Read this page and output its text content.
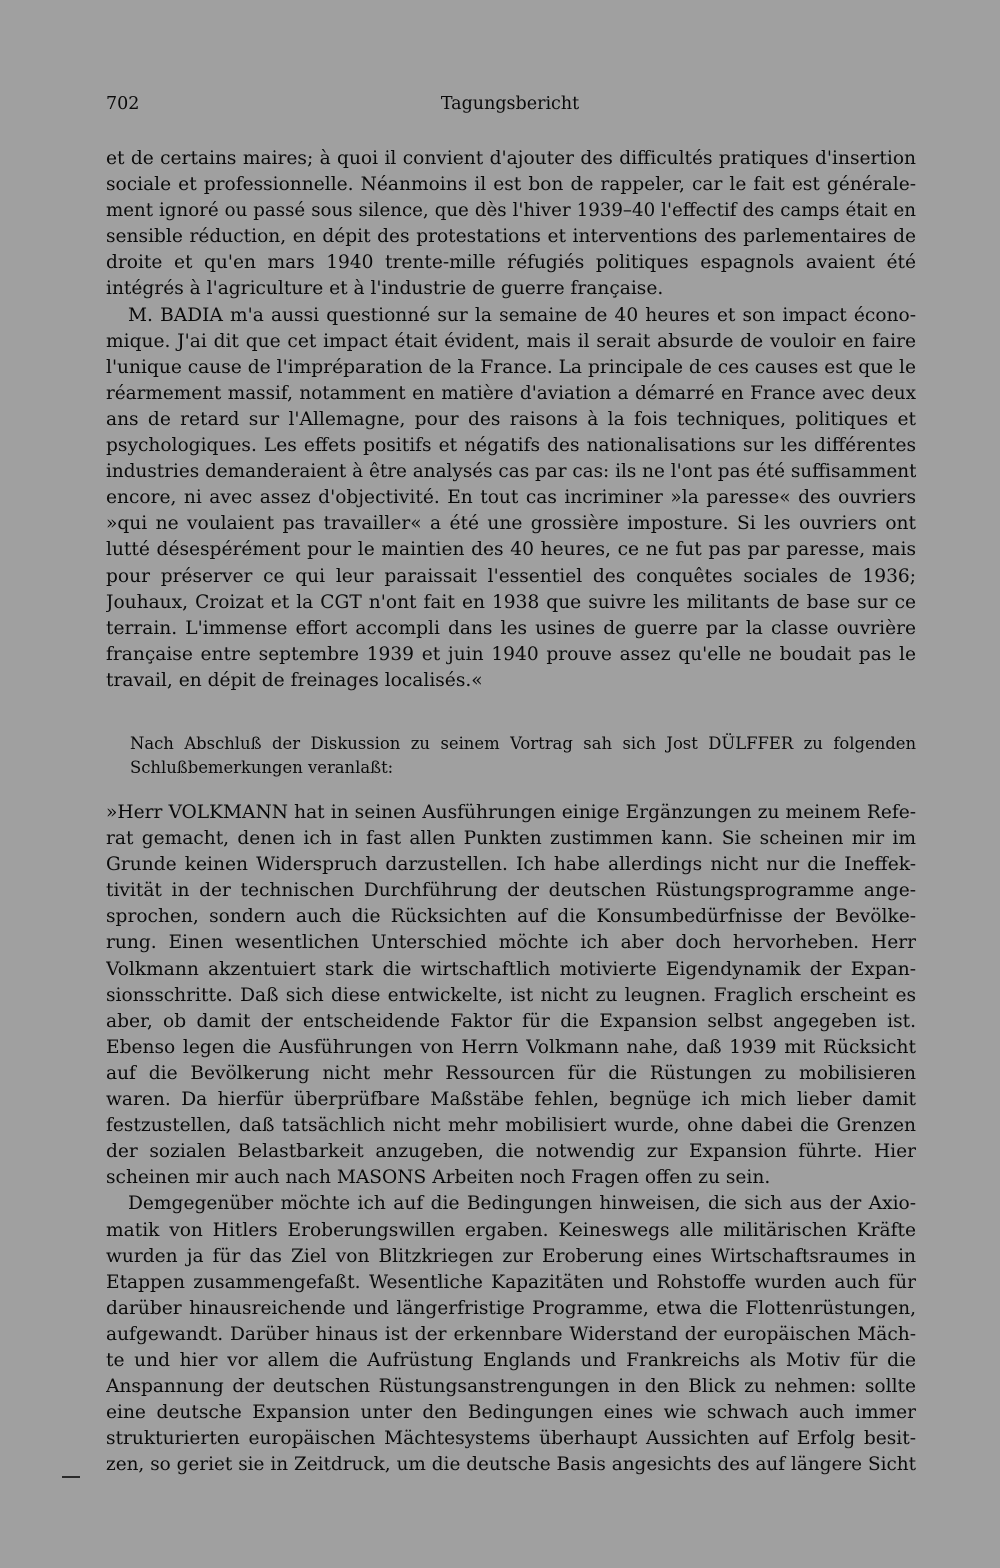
702	Tagungsbericht
et de certains maires; à quoi il convient d'ajouter des difficultés pratiques d'insertion
sociale et professionnelle. Néanmoins il est bon de rappeler, car le fait est générale-
ment ignoré ou passé sous silence, que dès l'hiver 1939–40 l'effectif des camps était en
sensible réduction, en dépit des protestations et interventions des parlementaires de
droite et qu'en mars 1940 trente-mille réfugiés politiques espagnols avaient été
intégrés à l'agriculture et à l'industrie de guerre française.
M. BADIA m'a aussi questionné sur la semaine de 40 heures et son impact écono-
mique. J'ai dit que cet impact était évident, mais il serait absurde de vouloir en faire
l'unique cause de l'impréparation de la France. La principale de ces causes est que le
réarmement massif, notamment en matière d'aviation a démarré en France avec deux
ans de retard sur l'Allemagne, pour des raisons à la fois techniques, politiques et
psychologiques. Les effets positifs et négatifs des nationalisations sur les différentes
industries demanderaient à être analysés cas par cas: ils ne l'ont pas été suffisamment
encore, ni avec assez d'objectivité. En tout cas incriminer »la paresse« des ouvriers
»qui ne voulaient pas travailler« a été une grossière imposture. Si les ouvriers ont
lutté désespérément pour le maintien des 40 heures, ce ne fut pas par paresse, mais
pour préserver ce qui leur paraissait l'essentiel des conquêtes sociales de 1936;
Jouhaux, Croizat et la CGT n'ont fait en 1938 que suivre les militants de base sur ce
terrain. L'immense effort accompli dans les usines de guerre par la classe ouvrière
française entre septembre 1939 et juin 1940 prouve assez qu'elle ne boudait pas le
travail, en dépit de freinages localisés.«
Nach Abschluß der Diskussion zu seinem Vortrag sah sich Jost DÜLFFER zu folgenden
Schlußbemerkungen veranlaßt:
»Herr VOLKMANN hat in seinen Ausführungen einige Ergänzungen zu meinem Refe-
rat gemacht, denen ich in fast allen Punkten zustimmen kann. Sie scheinen mir im
Grunde keinen Widerspruch darzustellen. Ich habe allerdings nicht nur die Ineffek-
tivität in der technischen Durchführung der deutschen Rüstungsprogramme ange-
sprochen, sondern auch die Rücksichten auf die Konsumbedürfnisse der Bevölke-
rung. Einen wesentlichen Unterschied möchte ich aber doch hervorheben. Herr
Volkmann akzentuiert stark die wirtschaftlich motivierte Eigendynamik der Expan-
sionsschritte. Daß sich diese entwickelte, ist nicht zu leugnen. Fraglich erscheint es
aber, ob damit der entscheidende Faktor für die Expansion selbst angegeben ist.
Ebenso legen die Ausführungen von Herrn Volkmann nahe, daß 1939 mit Rücksicht
auf die Bevölkerung nicht mehr Ressourcen für die Rüstungen zu mobilisieren
waren. Da hierfür überprüfbare Maßstäbe fehlen, begnüge ich mich lieber damit
festzustellen, daß tatsächlich nicht mehr mobilisiert wurde, ohne dabei die Grenzen
der sozialen Belastbarkeit anzugeben, die notwendig zur Expansion führte. Hier
scheinen mir auch nach MASONS Arbeiten noch Fragen offen zu sein.
Demgegenüber möchte ich auf die Bedingungen hinweisen, die sich aus der Axio-
matik von Hitlers Eroberungswillen ergaben. Keineswegs alle militärischen Kräfte
wurden ja für das Ziel von Blitzkriegen zur Eroberung eines Wirtschaftsraumes in
Etappen zusammengefaßt. Wesentliche Kapazitäten und Rohstoffe wurden auch für
darüber hinausreichende und längerfristige Programme, etwa die Flottenrüstungen,
aufgewandt. Darüber hinaus ist der erkennbare Widerstand der europäischen Mäch-
te und hier vor allem die Aufrüstung Englands und Frankreichs als Motiv für die
Anspannung der deutschen Rüstungsanstrengungen in den Blick zu nehmen: sollte
eine deutsche Expansion unter den Bedingungen eines wie schwach auch immer
strukturierten europäischen Mächtesystems überhaupt Aussichten auf Erfolg besit-
zen, so geriet sie in Zeitdruck, um die deutsche Basis angesichts des auf längere Sicht
